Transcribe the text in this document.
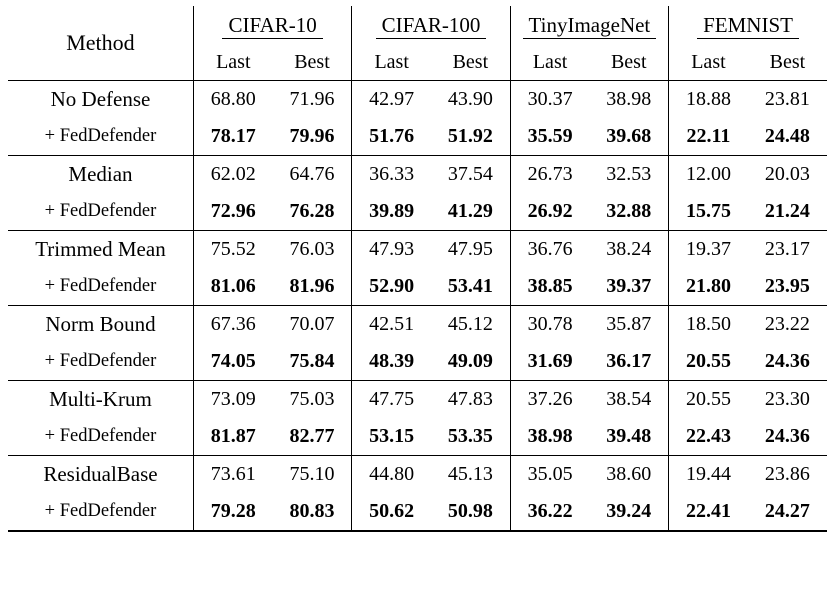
Method	CIFAR-10		CIFAR-100		TinyImageNet		FEMNIST	
	Last	Best	Last	Best	Last	Best	Last	Best
No Defense	68.80	71.96	42.97	43.90	30.37	38.98	18.88	23.81
+ FedDefender	78.17	79.96	51.76	51.92	35.59	39.68	22.11	24.48
Median	62.02	64.76	36.33	37.54	26.73	32.53	12.00	20.03
+ FedDefender	72.96	76.28	39.89	41.29	26.92	32.88	15.75	21.24
Trimmed Mean	75.52	76.03	47.93	47.95	36.76	38.24	19.37	23.17
+ FedDefender	81.06	81.96	52.90	53.41	38.85	39.37	21.80	23.95
Norm Bound	67.36	70.07	42.51	45.12	30.78	35.87	18.50	23.22
+ FedDefender	74.05	75.84	48.39	49.09	31.69	36.17	20.55	24.36
Multi-Krum	73.09	75.03	47.75	47.83	37.26	38.54	20.55	23.30
+ FedDefender	81.87	82.77	53.15	53.35	38.98	39.48	22.43	24.36
ResidualBase	73.61	75.10	44.80	45.13	35.05	38.60	19.44	23.86
+ FedDefender	79.28	80.83	50.62	50.98	36.22	39.24	22.41	24.27
